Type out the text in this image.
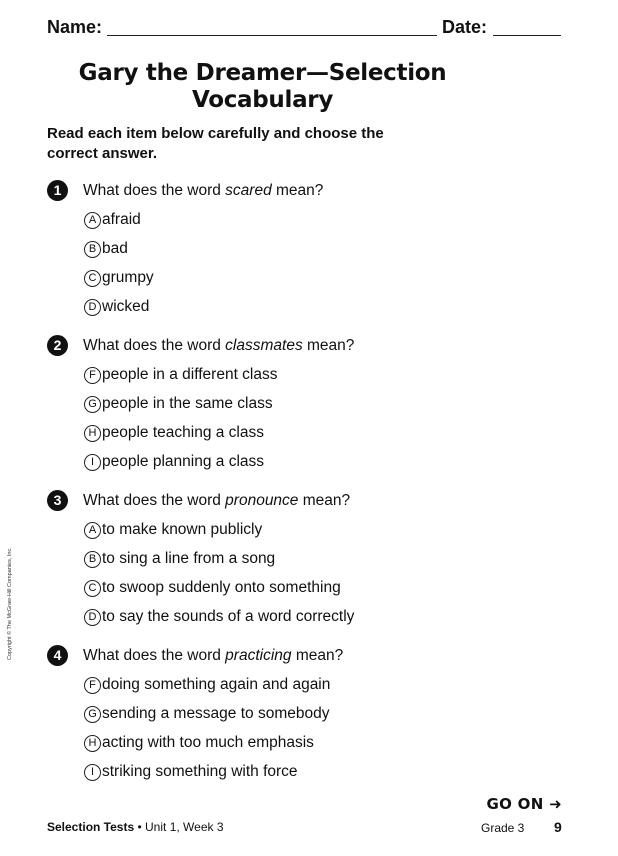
Name:	Date:
Gary the Dreamer—Selection
Vocabulary
Read each item below carefully and choose the
correct answer.
1	What does the word scared mean?
A afraid
B bad
C grumpy
D wicked
2	What does the word classmates mean?
F people in a different class
G people in the same class
H people teaching a class
I people planning a class
3	What does the word pronounce mean?
A to make known publicly
B to sing a line from a song
C to swoop suddenly onto something
D to say the sounds of a word correctly
4	What does the word practicing mean?
F doing something again and again
G sending a message to somebody
H acting with too much emphasis
I striking something with force
Copyright © The McGraw-Hill Companies, Inc.
GO ON ➜
Selection Tests • Unit 1, Week 3	Grade 3 9
